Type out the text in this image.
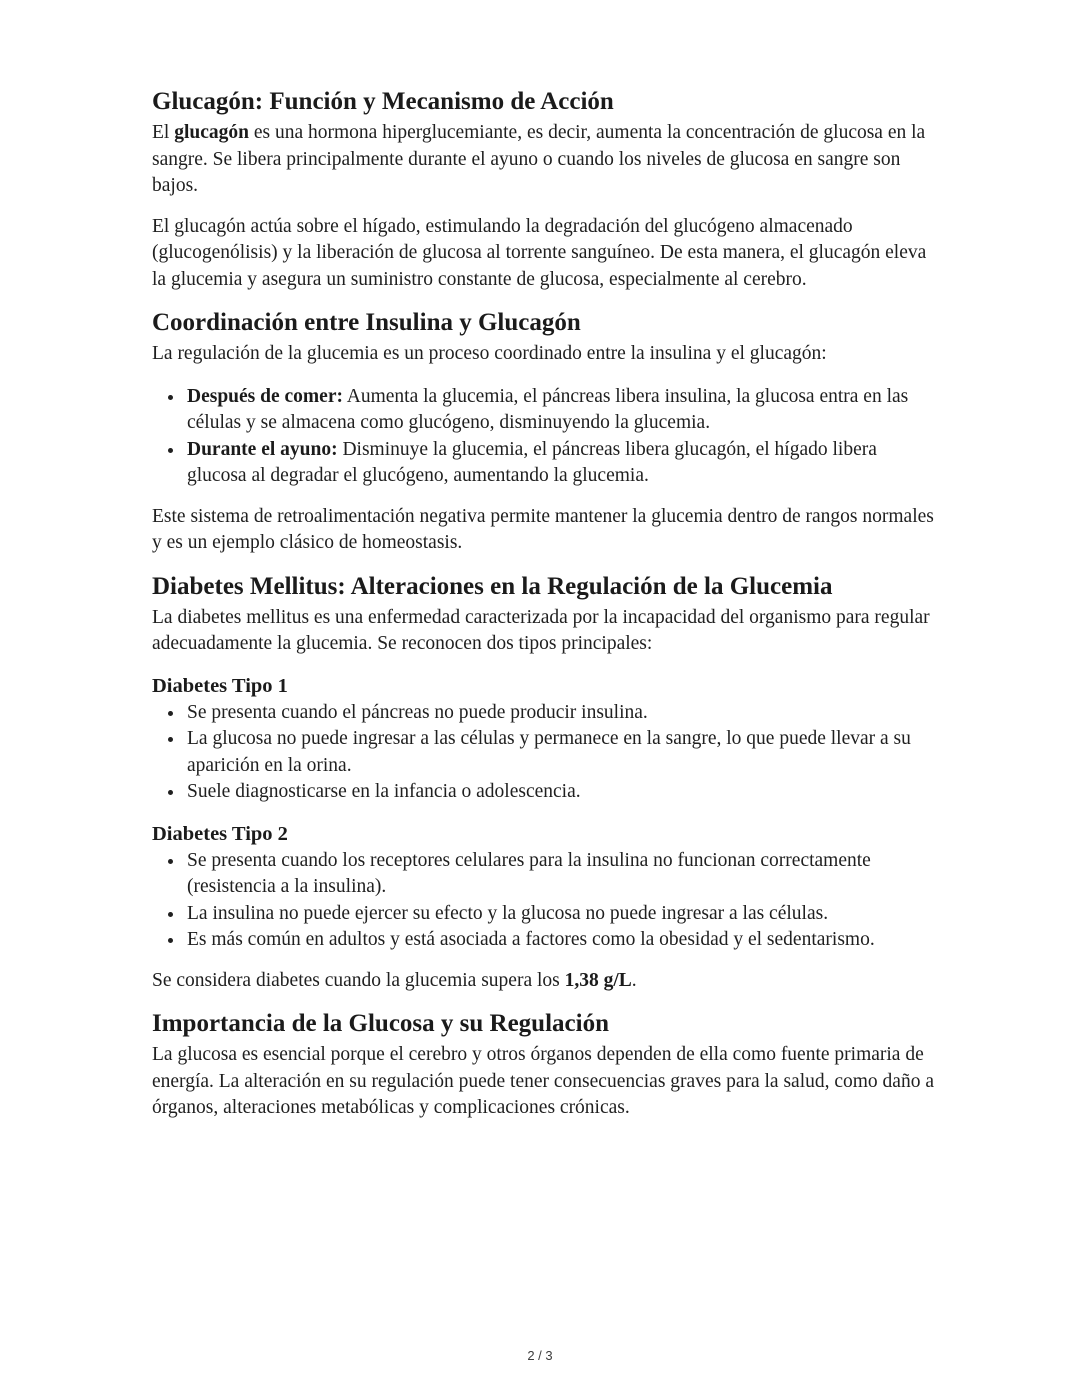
Glucagón: Función y Mecanismo de Acción

El glucagón es una hormona hiperglucemiante, es decir, aumenta la concentración de glucosa en la sangre. Se libera principalmente durante el ayuno o cuando los niveles de glucosa en sangre son bajos.

El glucagón actúa sobre el hígado, estimulando la degradación del glucógeno almacenado (glucogenólisis) y la liberación de glucosa al torrente sanguíneo. De esta manera, el glucagón eleva la glucemia y asegura un suministro constante de glucosa, especialmente al cerebro.

Coordinación entre Insulina y Glucagón

La regulación de la glucemia es un proceso coordinado entre la insulina y el glucagón:

• Después de comer: Aumenta la glucemia, el páncreas libera insulina, la glucosa entra en las células y se almacena como glucógeno, disminuyendo la glucemia.
• Durante el ayuno: Disminuye la glucemia, el páncreas libera glucagón, el hígado libera glucosa al degradar el glucógeno, aumentando la glucemia.

Este sistema de retroalimentación negativa permite mantener la glucemia dentro de rangos normales y es un ejemplo clásico de homeostasis.

Diabetes Mellitus: Alteraciones en la Regulación de la Glucemia

La diabetes mellitus es una enfermedad caracterizada por la incapacidad del organismo para regular adecuadamente la glucemia. Se reconocen dos tipos principales:

Diabetes Tipo 1
• Se presenta cuando el páncreas no puede producir insulina.
• La glucosa no puede ingresar a las células y permanece en la sangre, lo que puede llevar a su aparición en la orina.
• Suele diagnosticarse en la infancia o adolescencia.
Diabetes Tipo 2
• Se presenta cuando los receptores celulares para la insulina no funcionan correctamente (resistencia a la insulina).
• La insulina no puede ejercer su efecto y la glucosa no puede ingresar a las células.
• Es más común en adultos y está asociada a factores como la obesidad y el sedentarismo.

Se considera diabetes cuando la glucemia supera los 1,38 g/L.

Importancia de la Glucosa y su Regulación

La glucosa es esencial porque el cerebro y otros órganos dependen de ella como fuente primaria de energía. La alteración en su regulación puede tener consecuencias graves para la salud, como daño a órganos, alteraciones metabólicas y complicaciones crónicas.

2 / 3
